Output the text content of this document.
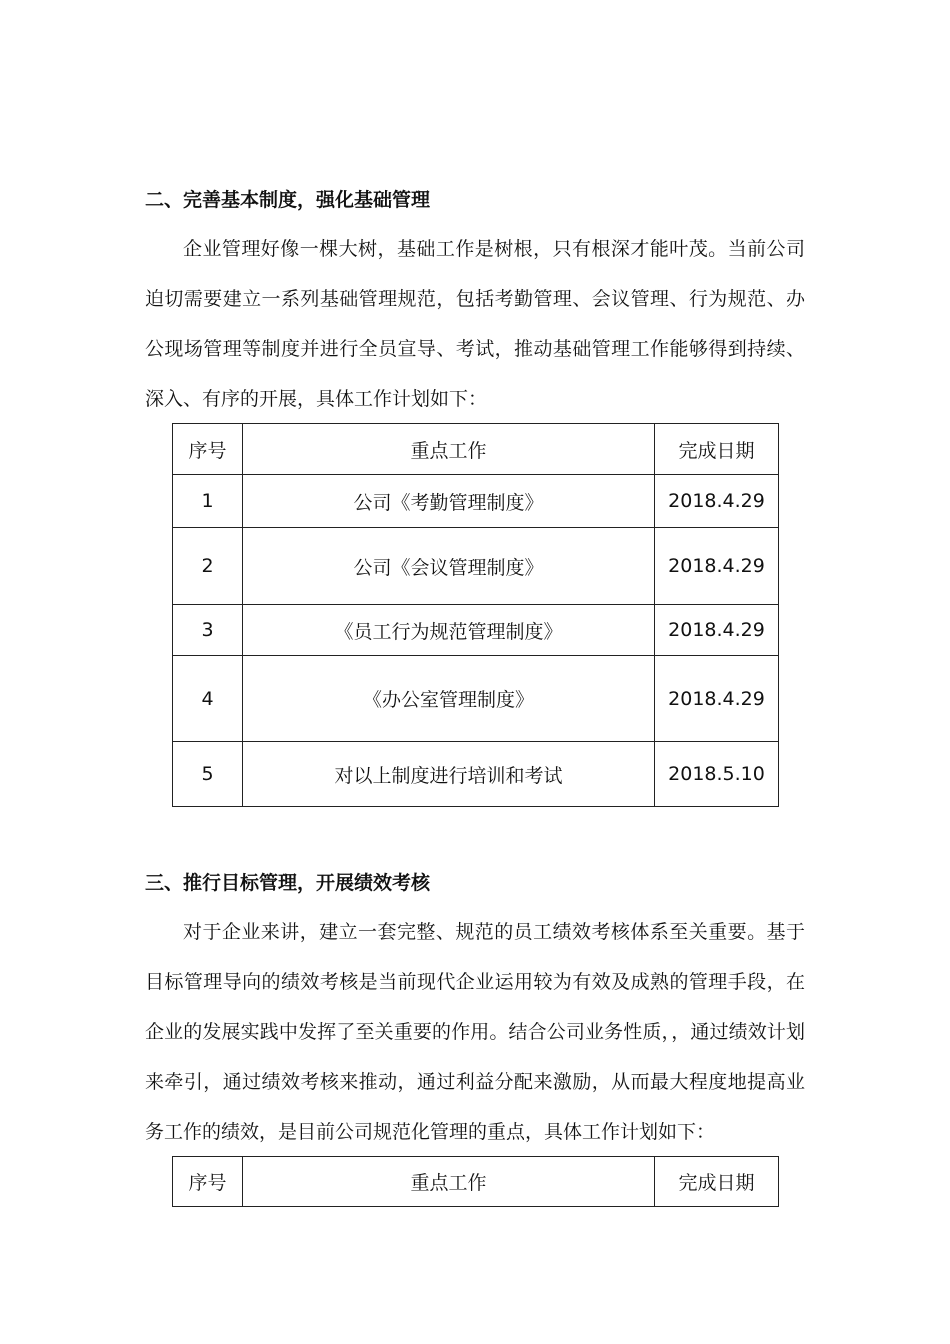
二、完善基本制度，强化基础管理

企业管理好像一棵大树，基础工作是树根，只有根深才能叶茂。当前公司迫切需要建立一系列基础管理规范，包括考勤管理、会议管理、行为规范、办公现场管理等制度并进行全员宣导、考试，推动基础管理工作能够得到持续、深入、有序的开展，具体工作计划如下：

序号	重点工作	完成日期
1	公司《考勤管理制度》	2018.4.29
2	公司《会议管理制度》	2018.4.29
3	《员工行为规范管理制度》	2018.4.29
4	《办公室管理制度》	2018.4.29
5	对以上制度进行培训和考试	2018.5.10
三、推行目标管理，开展绩效考核

对于企业来讲，建立一套完整、规范的员工绩效考核体系至关重要。基于目标管理导向的绩效考核是当前现代企业运用较为有效及成熟的管理手段，在企业的发展实践中发挥了至关重要的作用。结合公司业务性质，，通过绩效计划来牵引，通过绩效考核来推动，通过利益分配来激励，从而最大程度地提高业务工作的绩效，是目前公司规范化管理的重点，具体工作计划如下：

序号	重点工作	完成日期
